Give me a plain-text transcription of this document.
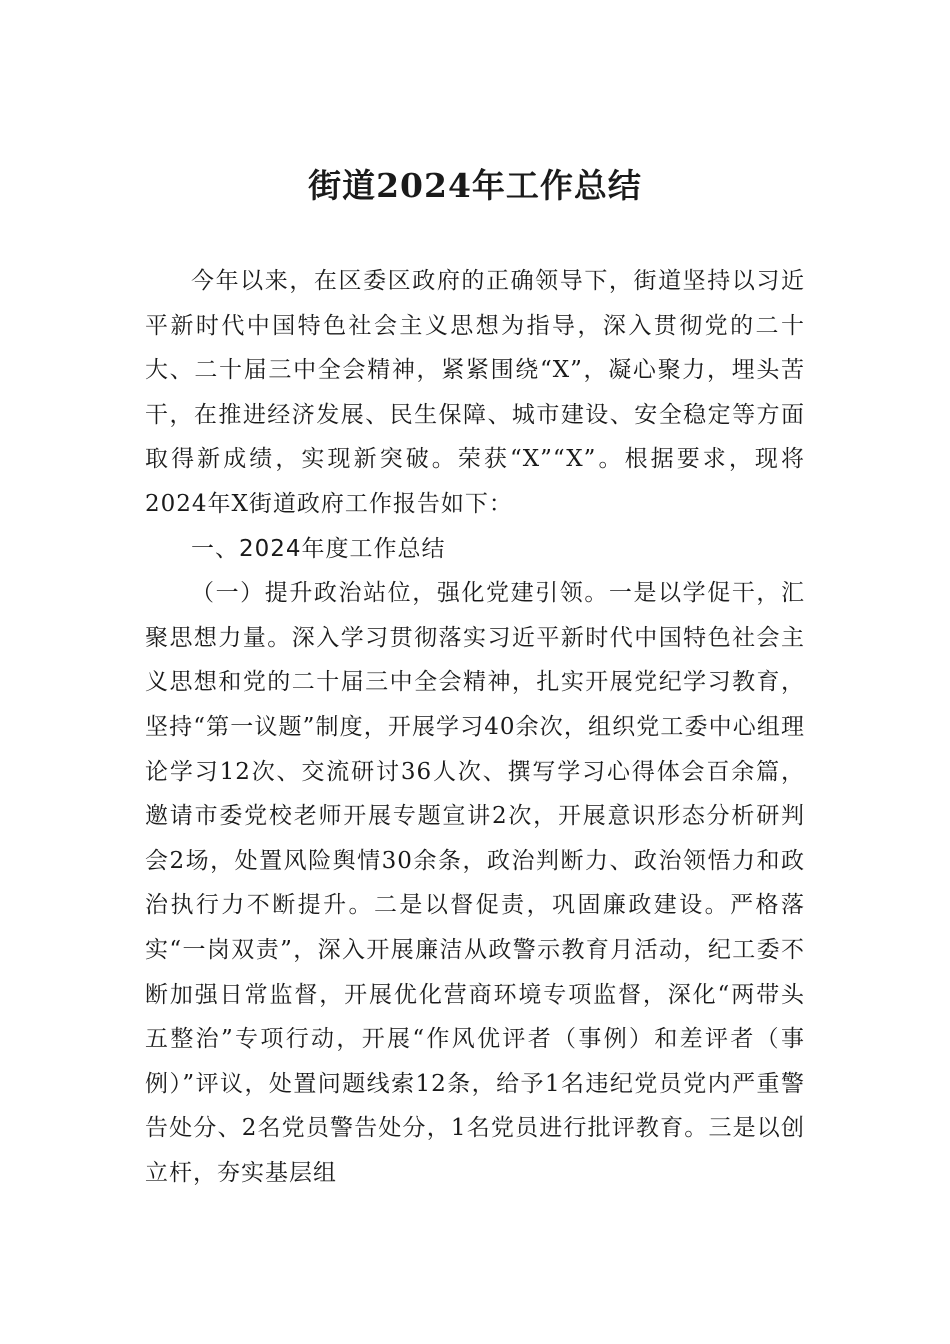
街道2024年工作总结

今年以来，在区委区政府的正确领导下，街道坚持以习近平新时代中国特色社会主义思想为指导，深入贯彻党的二十大、二十届三中全会精神，紧紧围绕“X”，凝心聚力，埋头苦干，在推进经济发展、民生保障、城市建设、安全稳定等方面取得新成绩，实现新突破。荣获“X”“X”。根据要求，现将2024年X街道政府工作报告如下：

一、2024年度工作总结

（一）提升政治站位，强化党建引领。一是以学促干，汇聚思想力量。深入学习贯彻落实习近平新时代中国特色社会主义思想和党的二十届三中全会精神，扎实开展党纪学习教育，坚持“第一议题”制度，开展学习40余次，组织党工委中心组理论学习12次、交流研讨36人次、撰写学习心得体会百余篇，邀请市委党校老师开展专题宣讲2次，开展意识形态分析研判会2场，处置风险舆情30余条，政治判断力、政治领悟力和政治执行力不断提升。二是以督促责，巩固廉政建设。严格落实“一岗双责”，深入开展廉洁从政警示教育月活动，纪工委不断加强日常监督，开展优化营商环境专项监督，深化“两带头五整治”专项行动，开展“作风优评者（事例）和差评者（事例）”评议，处置问题线索12条，给予1名违纪党员党内严重警告处分、2名党员警告处分，1名党员进行批评教育。三是以创立杆，夯实基层组
